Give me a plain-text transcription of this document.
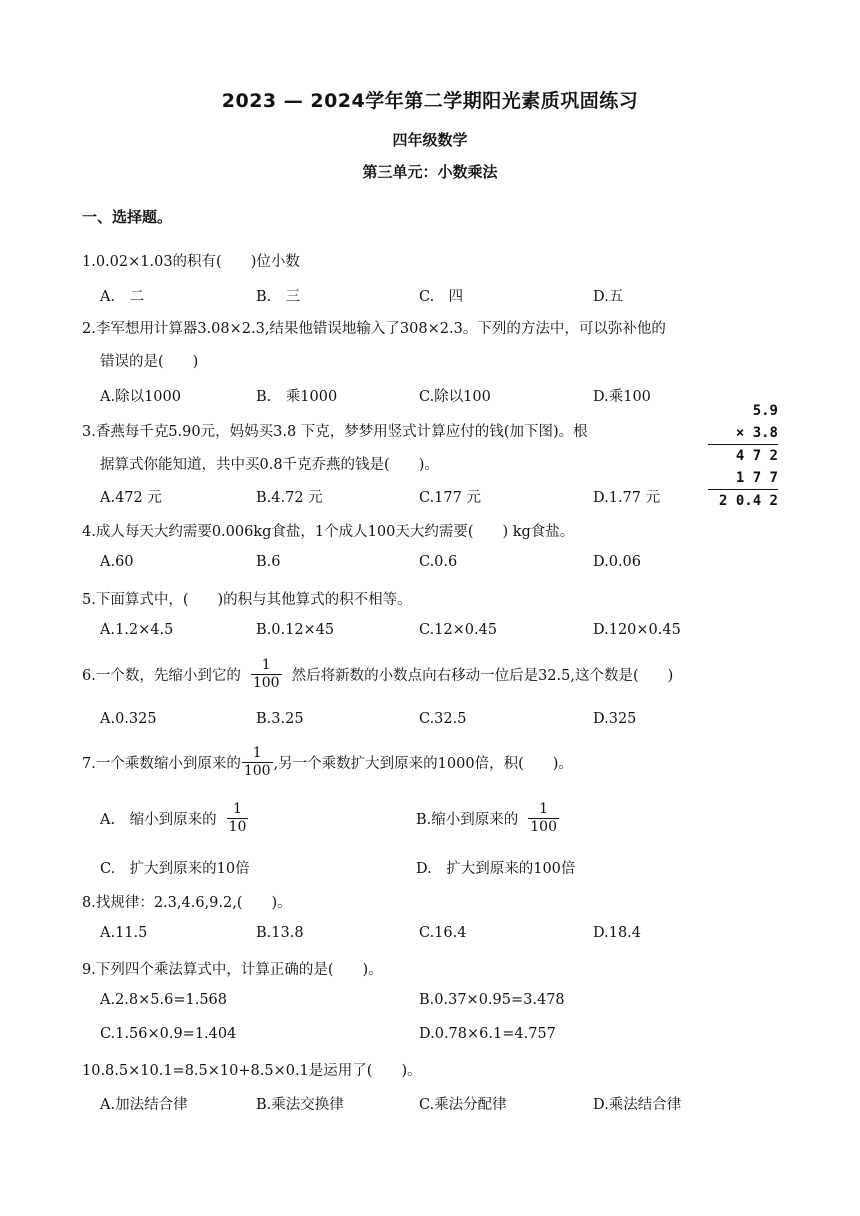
2023 — 2024学年第二学期阳光素质巩固练习
四年级数学
第三单元：小数乘法
一、选择题。
1.0.02×1.03的积有(　　)位小数
A.　二	B.　三	C.　四	D.五
2.李军想用计算器3.08×2.3,结果他错误地输入了308×2.3。下列的方法中，可以弥补他的
错误的是(　　)
A.除以1000	B.　乘1000	C.除以100	D.乘100
3.香燕每千克5.90元，妈妈买3.8 下克，梦梦用竖式计算应付的钱(加下图)。根
据算式你能知道，共中买0.8千克乔燕的钱是(　　)。
A.472 元	B.4.72 元	C.177 元	D.1.77 元
5.9
× 3.8
4 7 2
1 7 7
2 0.4 2
4.成人每天大约需要0.006kg食盐，1个成人100天大约需要(　　) kg食盐。
A.60	B.6	C.0.6	D.0.06
5.下面算式中，(　　)的积与其他算式的积不相等。
A.1.2×4.5	B.0.12×45	C.12×0.45	D.120×0.45
6.一个数，先缩小到它的 $\frac{1}{100}$ 然后将新数的小数点向右移动一位后是32.5,这个数是(　　)
A.0.325	B.3.25	C.32.5	D.325
7.一个乘数缩小到原来的 $\frac{1}{100}$ ,另一个乘数扩大到原来的1000倍，积(　　)。
A.　缩小到原来的 $\frac{1}{10}$	B.缩小到原来的 $\frac{1}{100}$
C.　扩大到原来的10倍	D.　扩大到原来的100倍
8.找规律：2.3,4.6,9.2,(　　)。
A.11.5	B.13.8	C.16.4	D.18.4
9.下列四个乘法算式中，计算正确的是(　　)。
A.2.8×5.6=1.568	B.0.37×0.95=3.478
C.1.56×0.9=1.404	D.0.78×6.1=4.757
10.8.5×10.1=8.5×10+8.5×0.1是运用了(　　)。
A.加法结合律	B.乘法交换律	C.乘法分配律	D.乘法结合律
